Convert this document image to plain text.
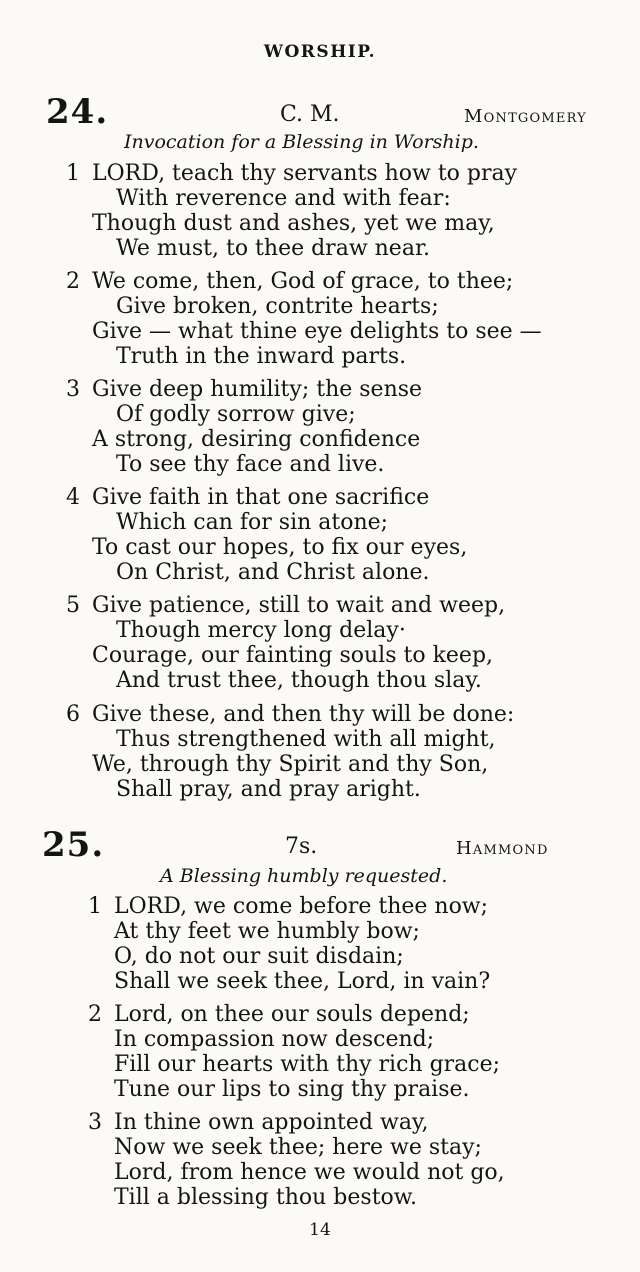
WORSHIP.
24.	C. M.	Montgomery
Invocation for a Blessing in Worship.
1 LORD, teach thy servants how to pray
With reverence and with fear:
Though dust and ashes, yet we may,
We must, to thee draw near.
2 We come, then, God of grace, to thee;
Give broken, contrite hearts;
Give — what thine eye delights to see —
Truth in the inward parts.
3 Give deep humility; the sense
Of godly sorrow give;
A strong, desiring confidence
To see thy face and live.
4 Give faith in that one sacrifice
Which can for sin atone;
To cast our hopes, to fix our eyes,
On Christ, and Christ alone.
5 Give patience, still to wait and weep,
Though mercy long delay·
Courage, our fainting souls to keep,
And trust thee, though thou slay.
6 Give these, and then thy will be done:
Thus strengthened with all might,
We, through thy Spirit and thy Son,
Shall pray, and pray aright.
25.	7s.	Hammond
A Blessing humbly requested.
1 LORD, we come before thee now;
At thy feet we humbly bow;
O, do not our suit disdain;
Shall we seek thee, Lord, in vain?
2 Lord, on thee our souls depend;
In compassion now descend;
Fill our hearts with thy rich grace;
Tune our lips to sing thy praise.
3 In thine own appointed way,
Now we seek thee; here we stay;
Lord, from hence we would not go,
Till a blessing thou bestow.
14
